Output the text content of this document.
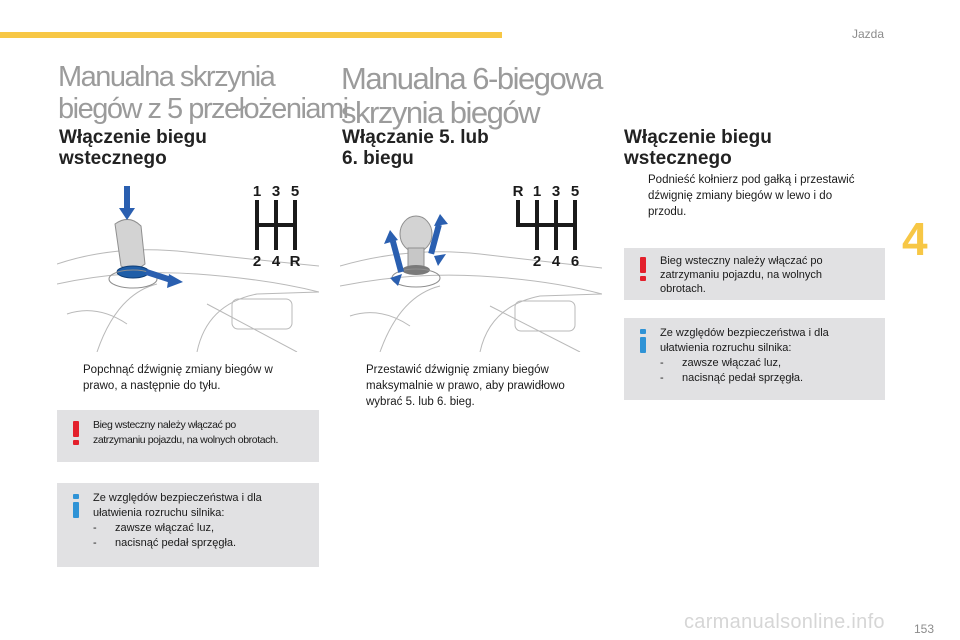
Jazda
4
Manualna skrzynia
biegów z 5 przełożeniami
Włączenie biegu
wstecznego
1 3 5
2 4 R
Popchnąć dźwignię zmiany biegów w
prawo, a następnie do tyłu.
Bieg wsteczny należy włączać po
zatrzymaniu pojazdu, na wolnych obrotach.
Ze względów bezpieczeństwa i dla
ułatwienia rozruchu silnika:
- zawsze włączać luz,
- nacisnąć pedał sprzęgła.
Manualna 6-biegowa
skrzynia biegów
Włączanie 5. lub
6. biegu
R 1 3 5
2 4 6
Przestawić dźwignię zmiany biegów
maksymalnie w prawo, aby prawidłowo
wybrać 5. lub 6. bieg.
Włączenie biegu
wstecznego
Podnieść kołnierz pod gałką i przestawić
dźwignię zmiany biegów w lewo i do
przodu.
Bieg wsteczny należy włączać po
zatrzymaniu pojazdu, na wolnych
obrotach.
Ze względów bezpieczeństwa i dla
ułatwienia rozruchu silnika:
- zawsze włączać luz,
- nacisnąć pedał sprzęgła.
carmanualsonline.info 153
